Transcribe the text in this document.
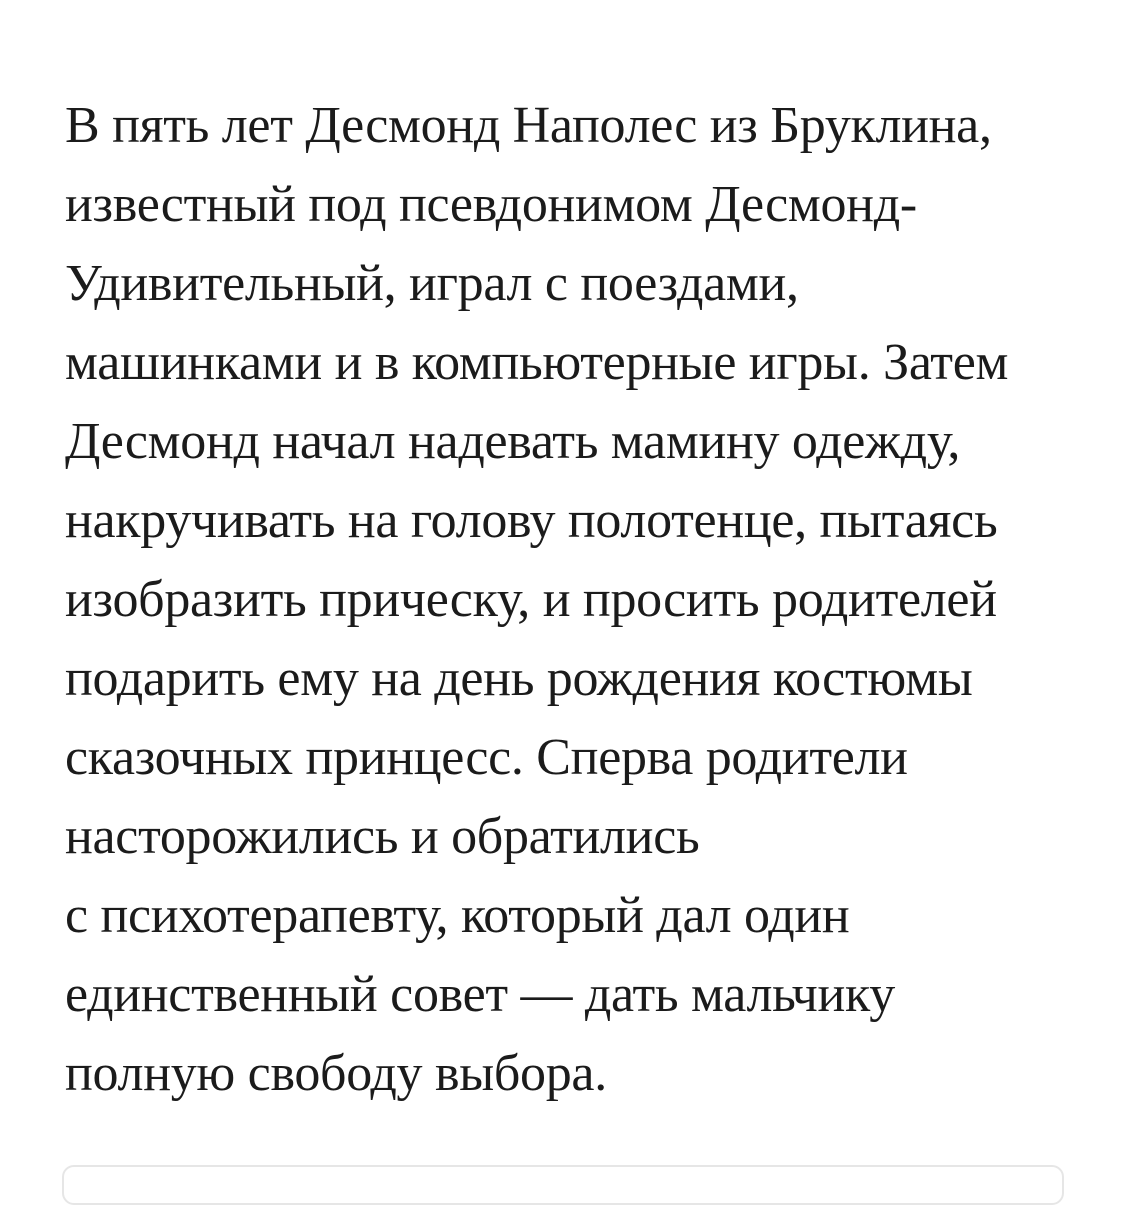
В пять лет Десмонд Наполес из Бруклина,
известный под псевдонимом Десмонд-
Удивительный, играл с поездами,
машинками и в компьютерные игры. Затем
Десмонд начал надевать мамину одежду,
накручивать на голову полотенце, пытаясь
изобразить прическу, и просить родителей
подарить ему на день рождения костюмы
сказочных принцесс. Сперва родители
насторожились и обратились
с психотерапевту, который дал один
единственный совет — дать мальчику
полную свободу выбора.
